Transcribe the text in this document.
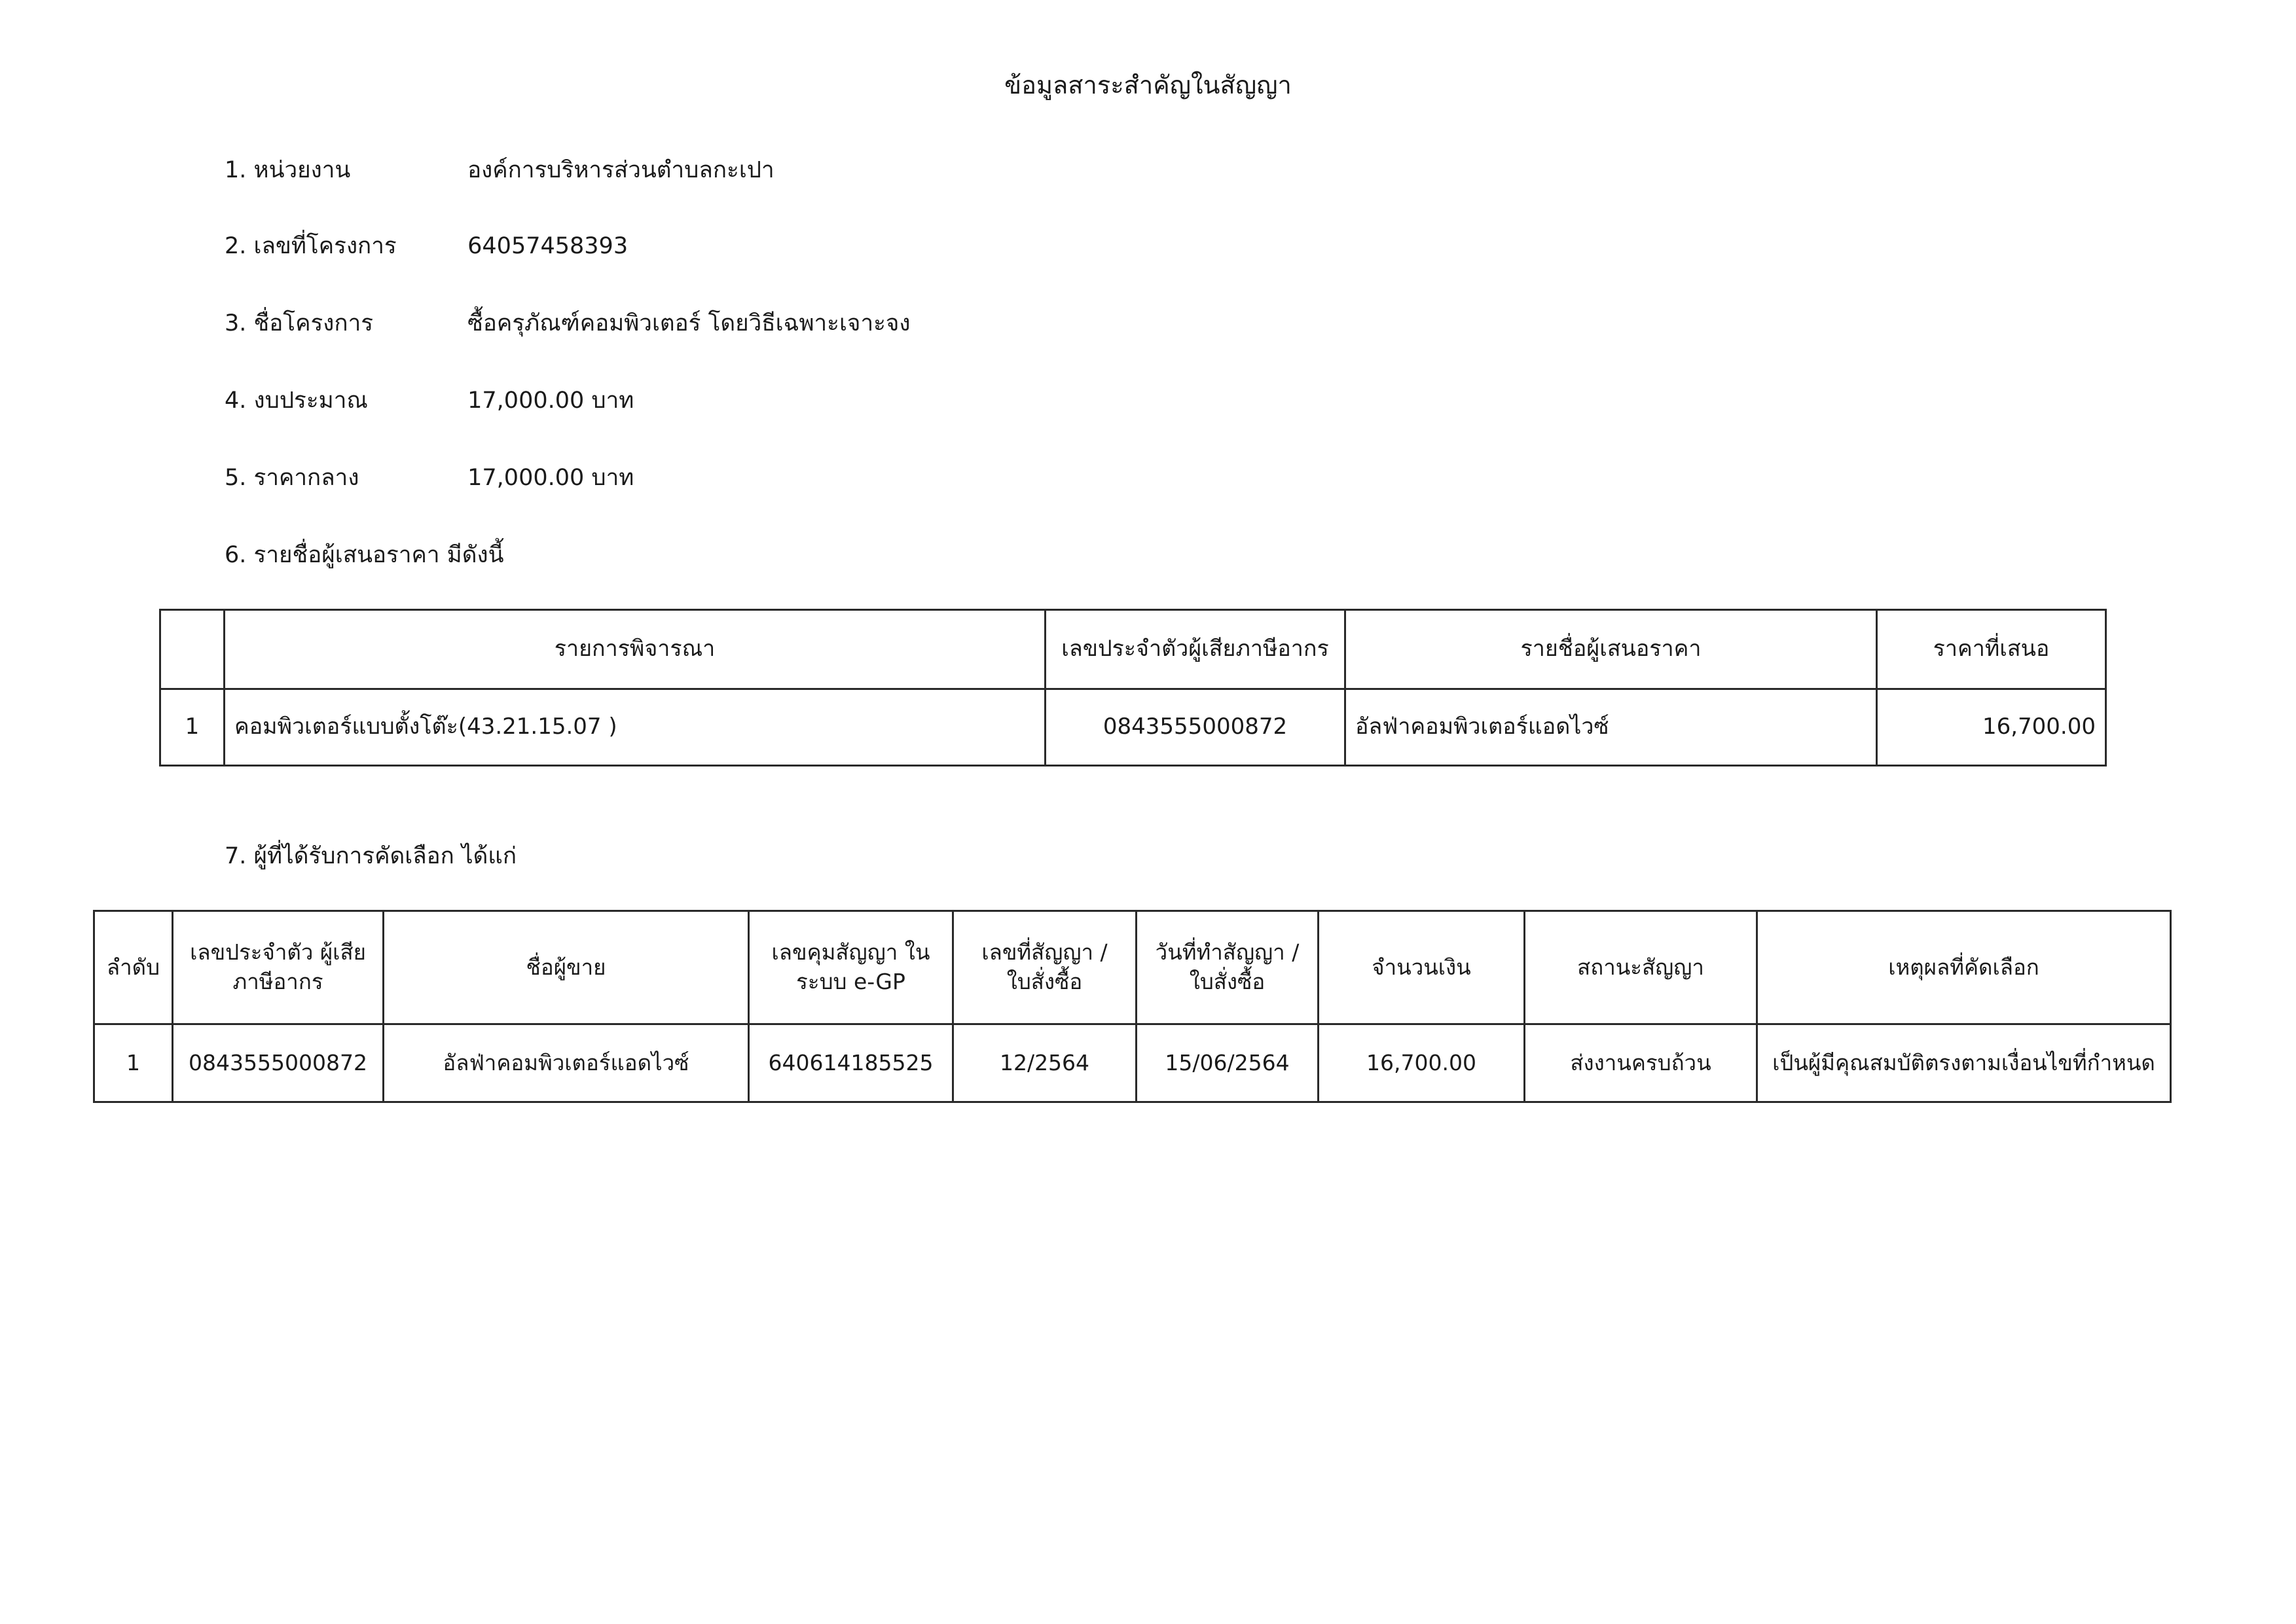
ข้อมูลสาระสำคัญในสัญญา
1. หน่วยงาน	องค์การบริหารส่วนตำบลกะเปา
2. เลขที่โครงการ	64057458393
3. ชื่อโครงการ	ซื้อครุภัณฑ์คอมพิวเตอร์ โดยวิธีเฉพาะเจาะจง
4. งบประมาณ	17,000.00 บาท
5. ราคากลาง	17,000.00 บาท
6. รายชื่อผู้เสนอราคา มีดังนี้
	รายการพิจารณา	เลขประจำตัวผู้เสียภาษีอากร	รายชื่อผู้เสนอราคา	ราคาที่เสนอ
1	คอมพิวเตอร์แบบตั้งโต๊ะ(43.21.15.07 )	0843555000872	อัลฟ่าคอมพิวเตอร์แอดไวซ์	16,700.00
7. ผู้ที่ได้รับการคัดเลือก ได้แก่
ลำดับ	เลขประจำตัว ผู้เสียภาษีอากร	ชื่อผู้ขาย	เลขคุมสัญญา ในระบบ e-GP	เลขที่สัญญา / ใบสั่งซื้อ	วันที่ทำสัญญา / ใบสั่งซื้อ	จำนวนเงิน	สถานะสัญญา	เหตุผลที่คัดเลือก
1	0843555000872	อัลฟ่าคอมพิวเตอร์แอดไวซ์	640614185525	12/2564	15/06/2564	16,700.00	ส่งงานครบถ้วน	เป็นผู้มีคุณสมบัติตรงตามเงื่อนไขที่กำหนด
